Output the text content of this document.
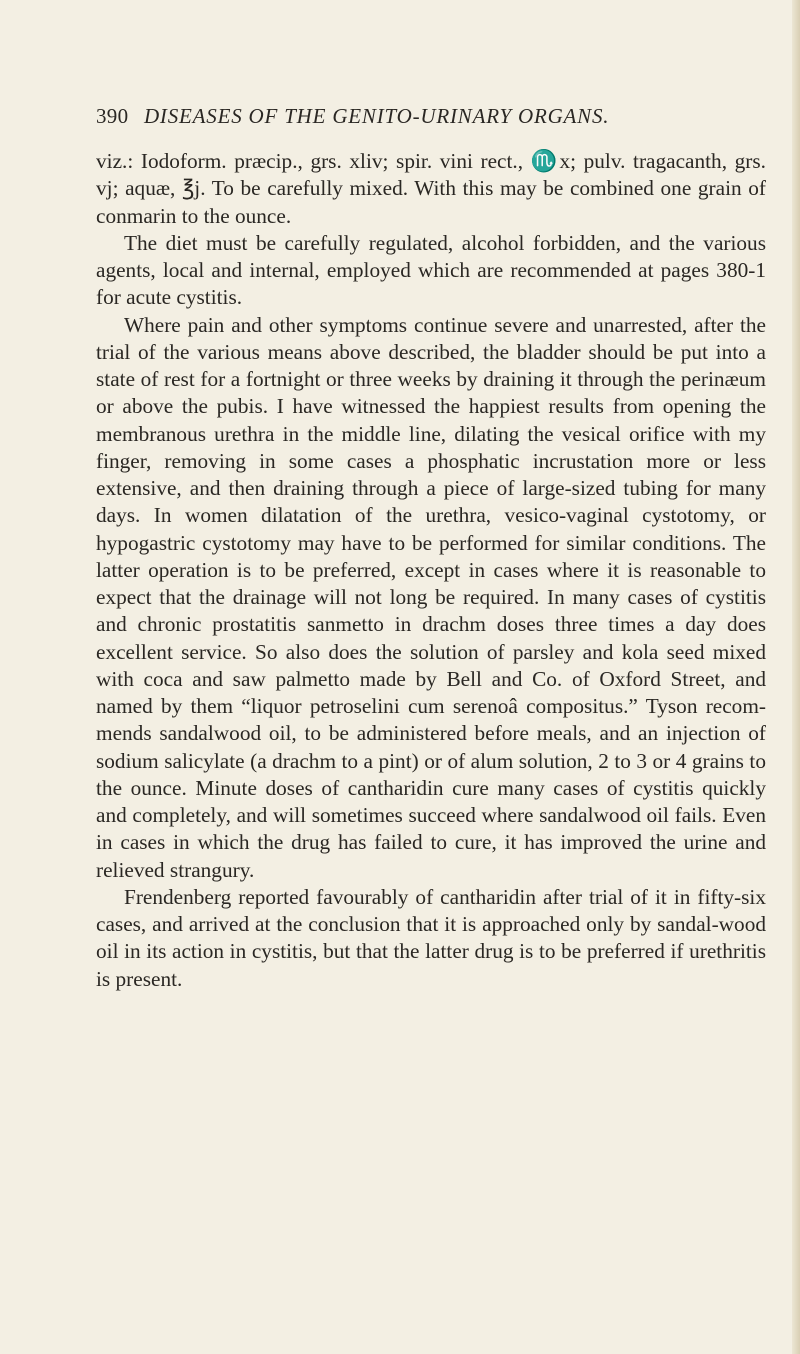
390 DISEASES OF THE GENITO-URINARY ORGANS.

viz.: Iodoform. præcip., grs. xliv; spir. vini rect., ♏x; pulv. tragacanth, grs. vj; aquæ, ℥j. To be carefully mixed. With this may be combined one grain of conmarin to the ounce.

The diet must be carefully regulated, alcohol forbidden, and the various agents, local and internal, employed which are recommended at pages 380-1 for acute cystitis.

Where pain and other symptoms continue severe and unarrested, after the trial of the various means above described, the bladder should be put into a state of rest for a fortnight or three weeks by draining it through the perinæum or above the pubis. I have witnessed the happiest results from opening the membranous urethra in the middle line, dilating the vesical orifice with my finger, removing in some cases a phosphatic incrustation more or less extensive, and then draining through a piece of large-sized tubing for many days. In women dilatation of the urethra, vesico-vaginal cystotomy, or hypogastric cystotomy may have to be performed for similar conditions. The latter operation is to be preferred, except in cases where it is reasonable to expect that the drainage will not long be required. In many cases of cystitis and chronic prostatitis sanmetto in drachm doses three times a day does excellent service. So also does the solution of parsley and kola seed mixed with coca and saw palmetto made by Bell and Co. of Oxford Street, and named by them “liquor petroselini cum serenoâ compositus.” Tyson recommends sandalwood oil, to be administered before meals, and an injection of sodium salicylate (a drachm to a pint) or of alum solution, 2 to 3 or 4 grains to the ounce. Minute doses of cantharidin cure many cases of cystitis quickly and completely, and will sometimes succeed where sandalwood oil fails. Even in cases in which the drug has failed to cure, it has improved the urine and relieved strangury.

Frendenberg reported favourably of cantharidin after trial of it in fifty-six cases, and arrived at the conclusion that it is approached only by sandal-wood oil in its action in cystitis, but that the latter drug is to be preferred if urethritis is present.
